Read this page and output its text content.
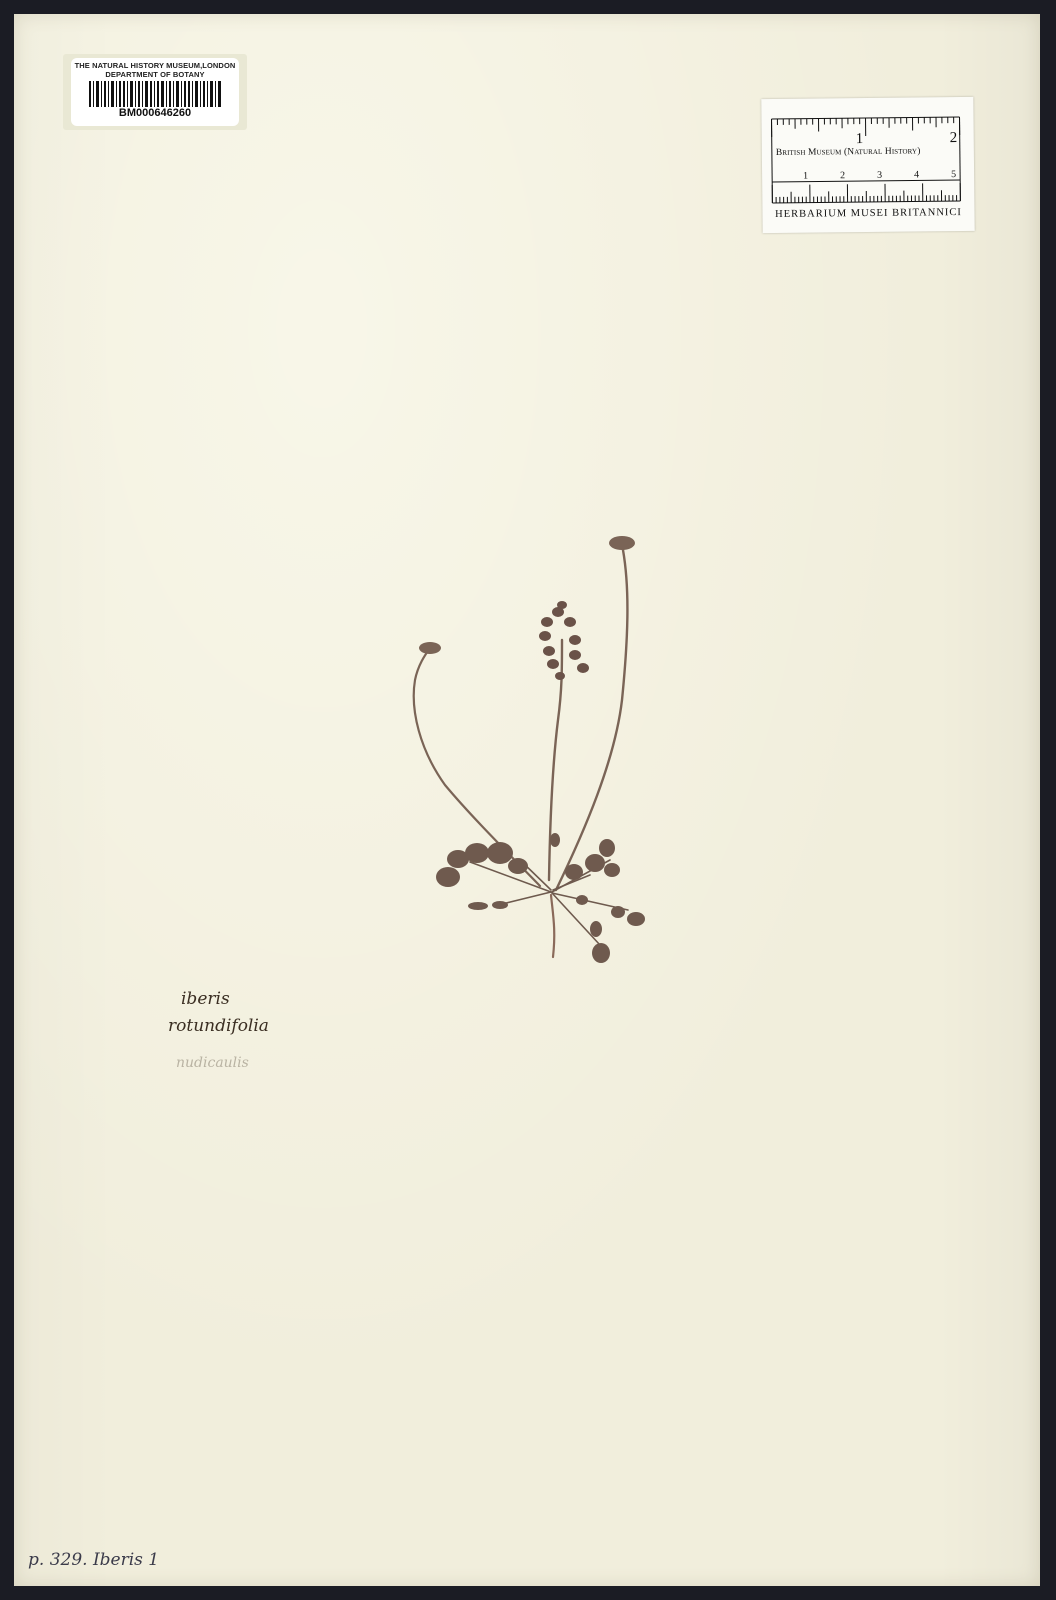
THE NATURAL HISTORY MUSEUM,LONDON
DEPARTMENT OF BOTANY
BM000646260
1	2
1	2	3	4	5
British Museum (Natural History)
HERBARIUM MUSEI BRITANNICI
iberis
rotundifolia
nudicaulis
p. 329. Iberis 1
